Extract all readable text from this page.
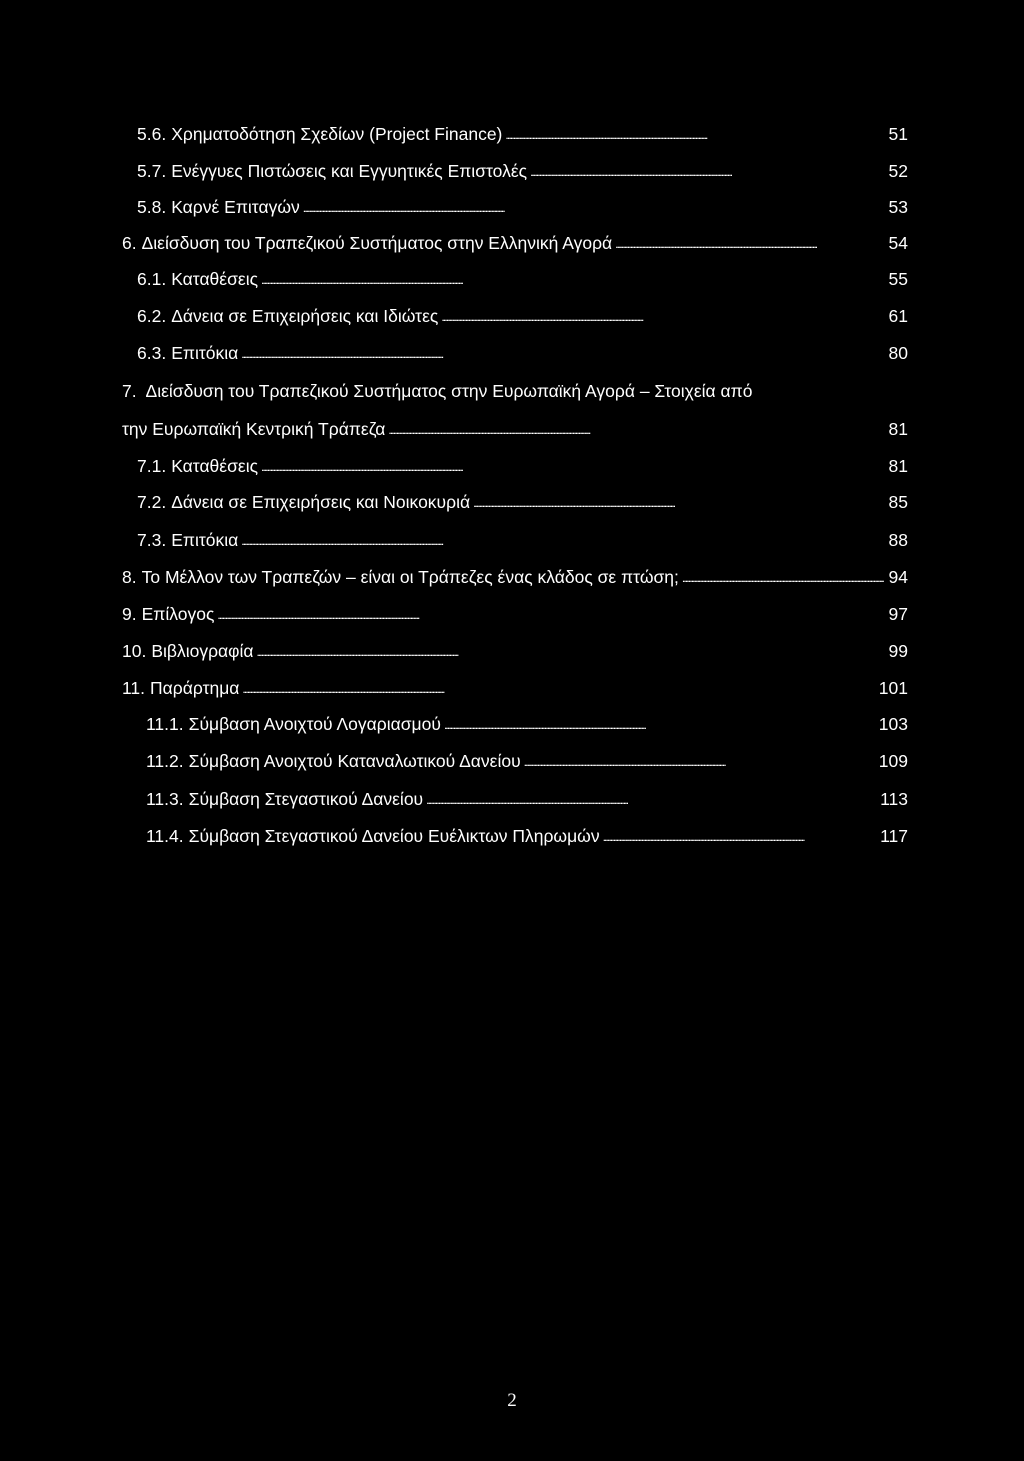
5.6. Χρηματοδότηση Σχεδίων (Project Finance) . . .	51
5.7. Ενέγγυες Πιστώσεις και Εγγυητικές Επιστολές . . .	52
5.8. Καρνέ Επιταγών . . .	53
6. Διείσδυση του Τραπεζικού Συστήματος στην Ελληνική Αγορά . . .	54
6.1. Καταθέσεις . . .	55
6.2. Δάνεια σε Επιχειρήσεις και Ιδιώτες . . .	61
6.3. Επιτόκια . . .	80
7. Διείσδυση του Τραπεζικού Συστήματος στην Ευρωπαϊκή Αγορά – Στοιχεία από
την Ευρωπαϊκή Κεντρική Τράπεζα . . .	81
7.1. Καταθέσεις . . .	81
7.2. Δάνεια σε Επιχειρήσεις και Νοικοκυριά . . .	85
7.3. Επιτόκια . . .	88
8. Το Μέλλον των Τραπεζών – είναι οι Τράπεζες ένας κλάδος σε πτώση; . . .	94
9. Επίλογος . . .	97
10. Βιβλιογραφία . . .	99
11. Παράρτημα . . .	101
11.1. Σύμβαση Ανοιχτού Λογαριασμού . . .	103
11.2. Σύμβαση Ανοιχτού Καταναλωτικού Δανείου . . .	109
11.3. Σύμβαση Στεγαστικού Δανείου . . .	113
11.4. Σύμβαση Στεγαστικού Δανείου Ευέλικτων Πληρωμών . . .	117
2
